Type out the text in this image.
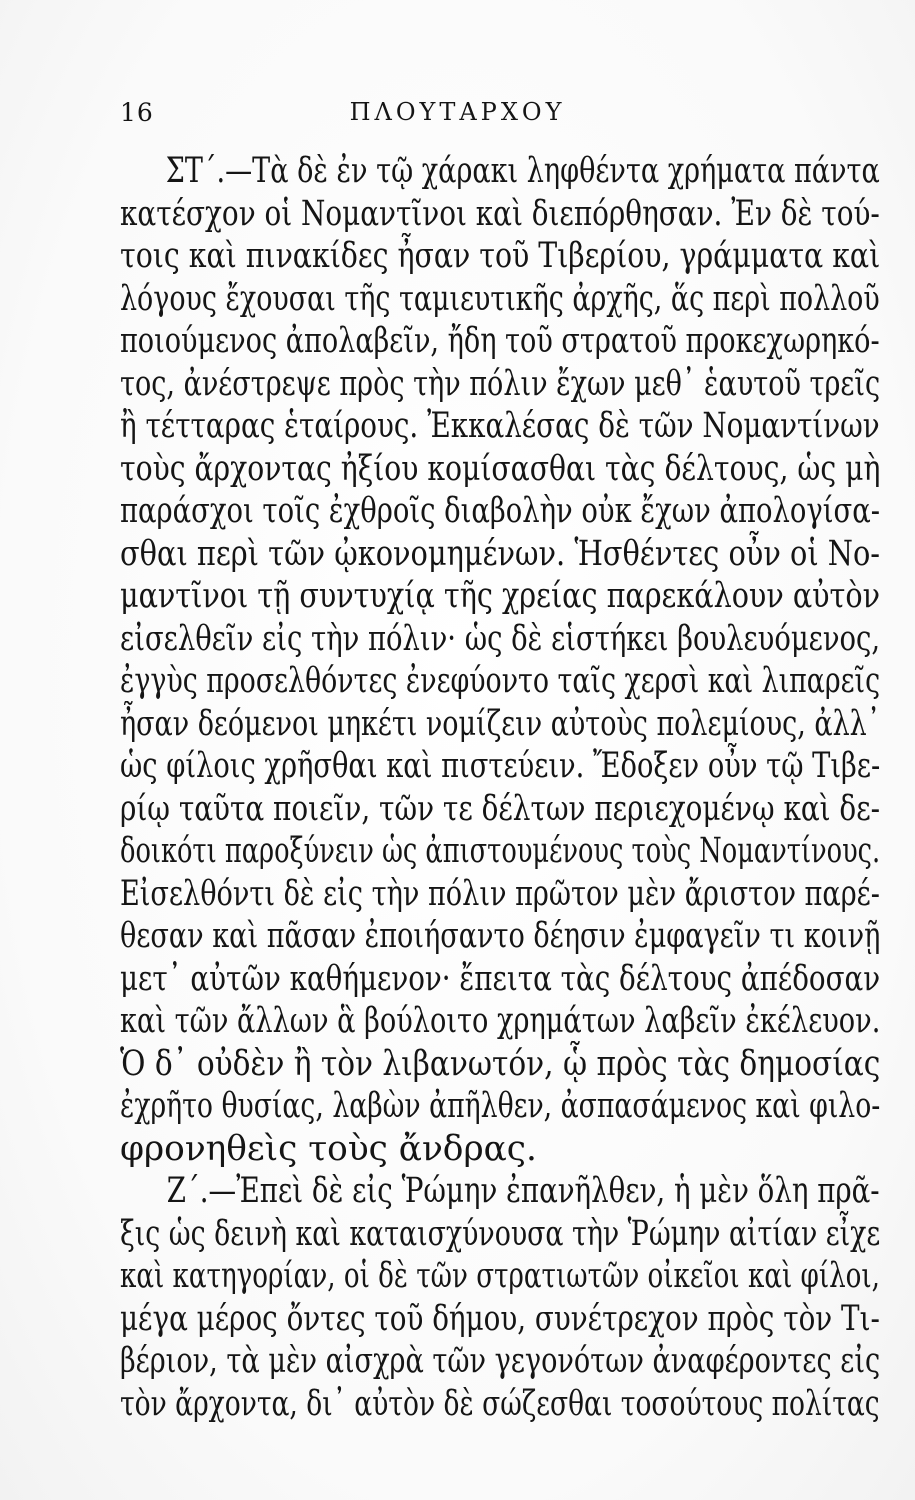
16	ΠΛΟΥΤΑΡΧΟΥ
ΣΤ΄.—Τὰ δὲ ἐν τῷ χάρακι ληφθέντα χρήματα πάντα
κατέσχον οἱ Νομαντῖνοι καὶ διεπόρθησαν. Ἐν δὲ τού-
τοις καὶ πινακίδες ἦσαν τοῦ Τιβερίου, γράμματα καὶ
λόγους ἔχουσαι τῆς ταμιευτικῆς ἀρχῆς, ἅς περὶ πολλοῦ
ποιούμενος ἀπολαβεῖν, ἤδη τοῦ στρατοῦ προκεχωρηκό-
τος, ἀνέστρεψε πρὸς τὴν πόλιν ἔχων μεθ᾽ ἑαυτοῦ τρεῖς
ἢ τέτταρας ἑταίρους. Ἐκκαλέσας δὲ τῶν Νομαντίνων
τοὺς ἄρχοντας ἠξίου κομίσασθαι τὰς δέλτους, ὡς μὴ
παράσχοι τοῖς ἐχθροῖς διαβολὴν οὐκ ἔχων ἀπολογίσα-
σθαι περὶ τῶν ᾠκονομημένων. Ἡσθέντες οὖν οἱ Νο-
μαντῖνοι τῇ συντυχίᾳ τῆς χρείας παρεκάλουν αὐτὸν
εἰσελθεῖν εἰς τὴν πόλιν· ὡς δὲ εἱστήκει βουλευόμενος,
ἐγγὺς προσελθόντες ἐνεφύοντο ταῖς χερσὶ καὶ λιπαρεῖς
ἦσαν δεόμενοι μηκέτι νομίζειν αὐτοὺς πολεμίους, ἀλλ᾽
ὡς φίλοις χρῆσθαι καὶ πιστεύειν. Ἔδοξεν οὖν τῷ Τιβε-
ρίῳ ταῦτα ποιεῖν, τῶν τε δέλτων περιεχομένῳ καὶ δε-
δοικότι παροξύνειν ὡς ἀπιστουμένους τοὺς Νομαντίνους.
Εἰσελθόντι δὲ εἰς τὴν πόλιν πρῶτον μὲν ἄριστον παρέ-
θεσαν καὶ πᾶσαν ἐποιήσαντο δέησιν ἐμφαγεῖν τι κοινῇ
μετ᾽ αὐτῶν καθήμενον· ἔπειτα τὰς δέλτους ἀπέδοσαν
καὶ τῶν ἄλλων ἃ βούλοιτο χρημάτων λαβεῖν ἐκέλευον.
Ὁ δ᾽ οὐδὲν ἢ τὸν λιβανωτόν, ᾧ πρὸς τὰς δημοσίας
ἐχρῆτο θυσίας, λαβὼν ἀπῆλθεν, ἀσπασάμενος καὶ φιλο-
φρονηθεὶς τοὺς ἄνδρας.
Ζ΄.—Ἐπεὶ δὲ εἰς Ῥώμην ἐπανῆλθεν, ἡ μὲν ὅλη πρᾶ-
ξις ὡς δεινὴ καὶ καταισχύνουσα τὴν Ῥώμην αἰτίαν εἶχε
καὶ κατηγορίαν, οἱ δὲ τῶν στρατιωτῶν οἰκεῖοι καὶ φίλοι,
μέγα μέρος ὄντες τοῦ δήμου, συνέτρεχον πρὸς τὸν Τι-
βέριον, τὰ μὲν αἰσχρὰ τῶν γεγονότων ἀναφέροντες εἰς
τὸν ἄρχοντα, δι᾽ αὐτὸν δὲ σώζεσθαι τοσούτους πολίτας
